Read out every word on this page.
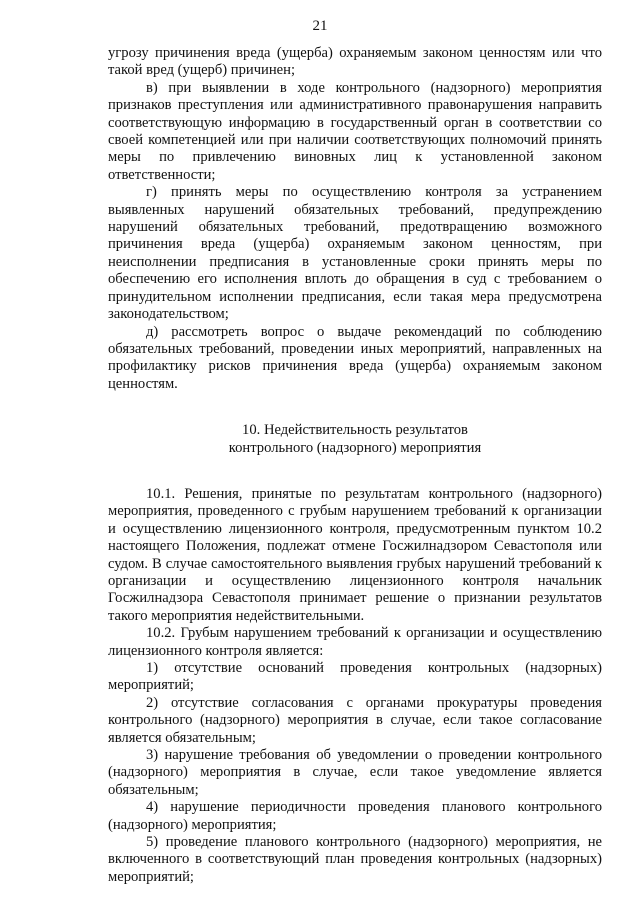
21

угрозу причинения вреда (ущерба) охраняемым законом ценностям или что такой вред (ущерб) причинен;

в) при выявлении в ходе контрольного (надзорного) мероприятия признаков преступления или административного правонарушения направить соответствующую информацию в государственный орган в соответствии со своей компетенцией или при наличии соответствующих полномочий принять меры по привлечению виновных лиц к установленной законом ответственности;

г) принять меры по осуществлению контроля за устранением выявленных нарушений обязательных требований, предупреждению нарушений обязательных требований, предотвращению возможного причинения вреда (ущерба) охраняемым законом ценностям, при неисполнении предписания в установленные сроки принять меры по обеспечению его исполнения вплоть до обращения в суд с требованием о принудительном исполнении предписания, если такая мера предусмотрена законодательством;

д) рассмотреть вопрос о выдаче рекомендаций по соблюдению обязательных требований, проведении иных мероприятий, направленных на профилактику рисков причинения вреда (ущерба) охраняемым законом ценностям.

10. Недействительность результатов

контрольного (надзорного) мероприятия

10.1. Решения, принятые по результатам контрольного (надзорного) мероприятия, проведенного с грубым нарушением требований к организации и осуществлению лицензионного контроля, предусмотренным пунктом 10.2 настоящего Положения, подлежат отмене Госжилнадзором Севастополя или судом. В случае самостоятельного выявления грубых нарушений требований к организации и осуществлению лицензионного контроля начальник Госжилнадзора Севастополя принимает решение о признании результатов такого мероприятия недействительными.

10.2. Грубым нарушением требований к организации и осуществлению лицензионного контроля является:

1) отсутствие оснований проведения контрольных (надзорных) мероприятий;

2) отсутствие согласования с органами прокуратуры проведения контрольного (надзорного) мероприятия в случае, если такое согласование является обязательным;

3) нарушение требования об уведомлении о проведении контрольного (надзорного) мероприятия в случае, если такое уведомление является обязательным;

4) нарушение периодичности проведения планового контрольного (надзорного) мероприятия;

5) проведение планового контрольного (надзорного) мероприятия, не включенного в соответствующий план проведения контрольных (надзорных) мероприятий;
